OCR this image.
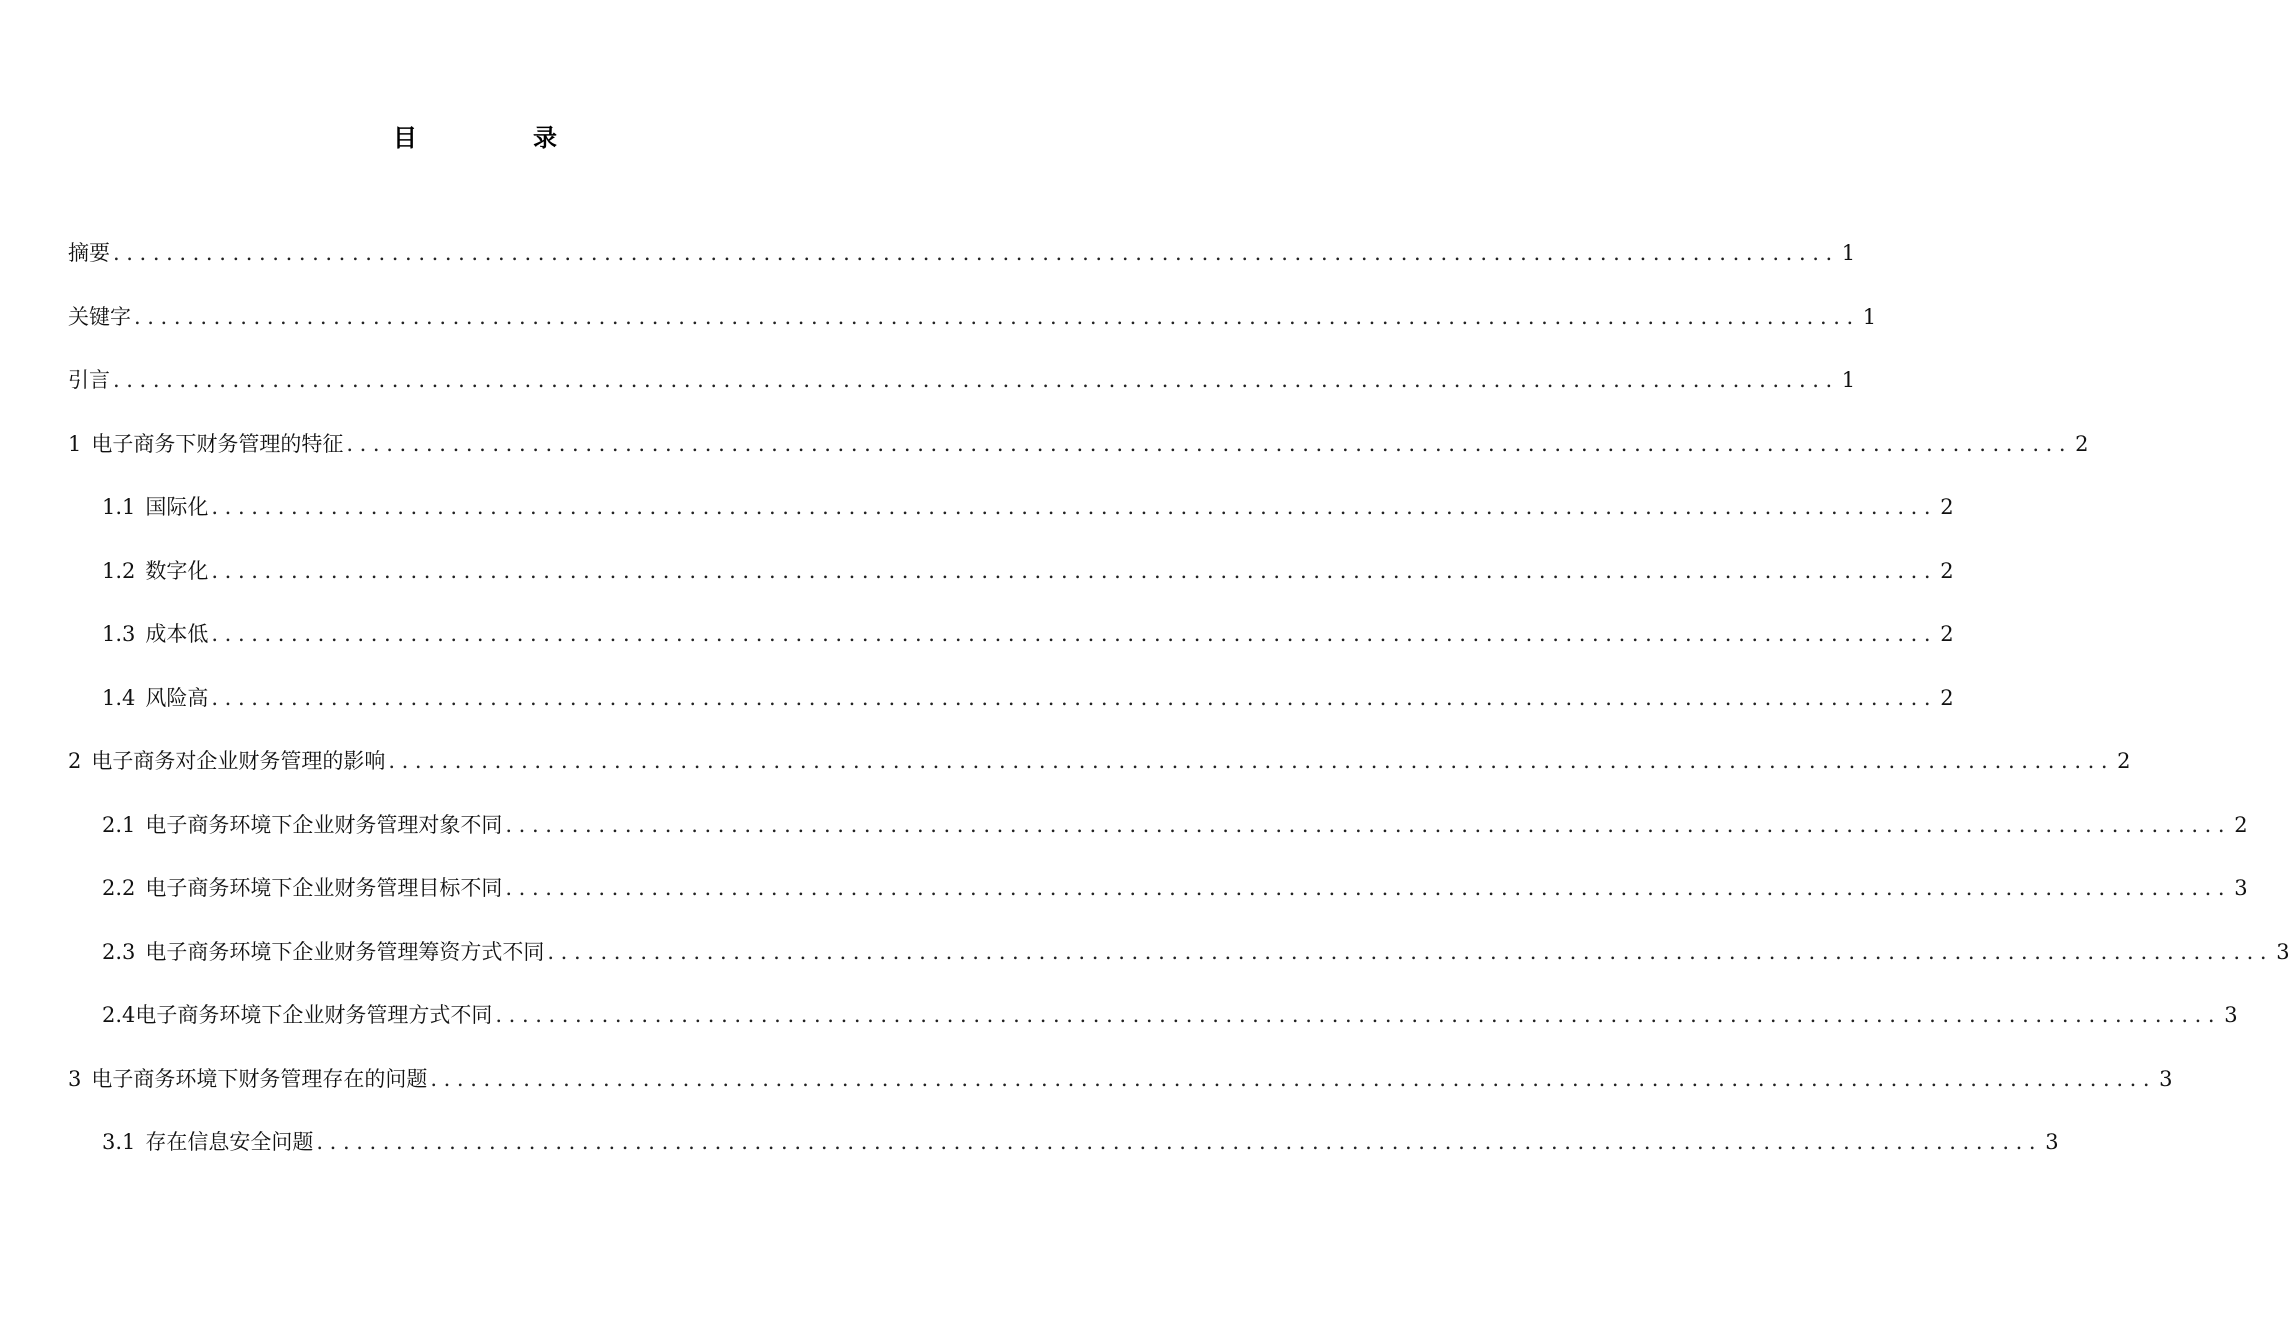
目　录
摘要 .................................................................................................................................. 1
关键字 .................................................................................................................................. 1
引言 .................................................................................................................................. 1
1 电子商务下财务管理的特征 .................................................................................................................................. 2
1.1 国际化 .................................................................................................................................. 2
1.2 数字化 .................................................................................................................................. 2
1.3 成本低 .................................................................................................................................. 2
1.4 风险高 .................................................................................................................................. 2
2 电子商务对企业财务管理的影响 .................................................................................................................................. 2
2.1 电子商务环境下企业财务管理对象不同 .................................................................................................................................. 2
2.2 电子商务环境下企业财务管理目标不同 .................................................................................................................................. 3
2.3 电子商务环境下企业财务管理筹资方式不同 .................................................................................................................................. 3
2.4 电子商务环境下企业财务管理方式不同 .................................................................................................................................. 3
3 电子商务环境下财务管理存在的问题 .................................................................................................................................. 3
3.1 存在信息安全问题 .................................................................................................................................. 3
